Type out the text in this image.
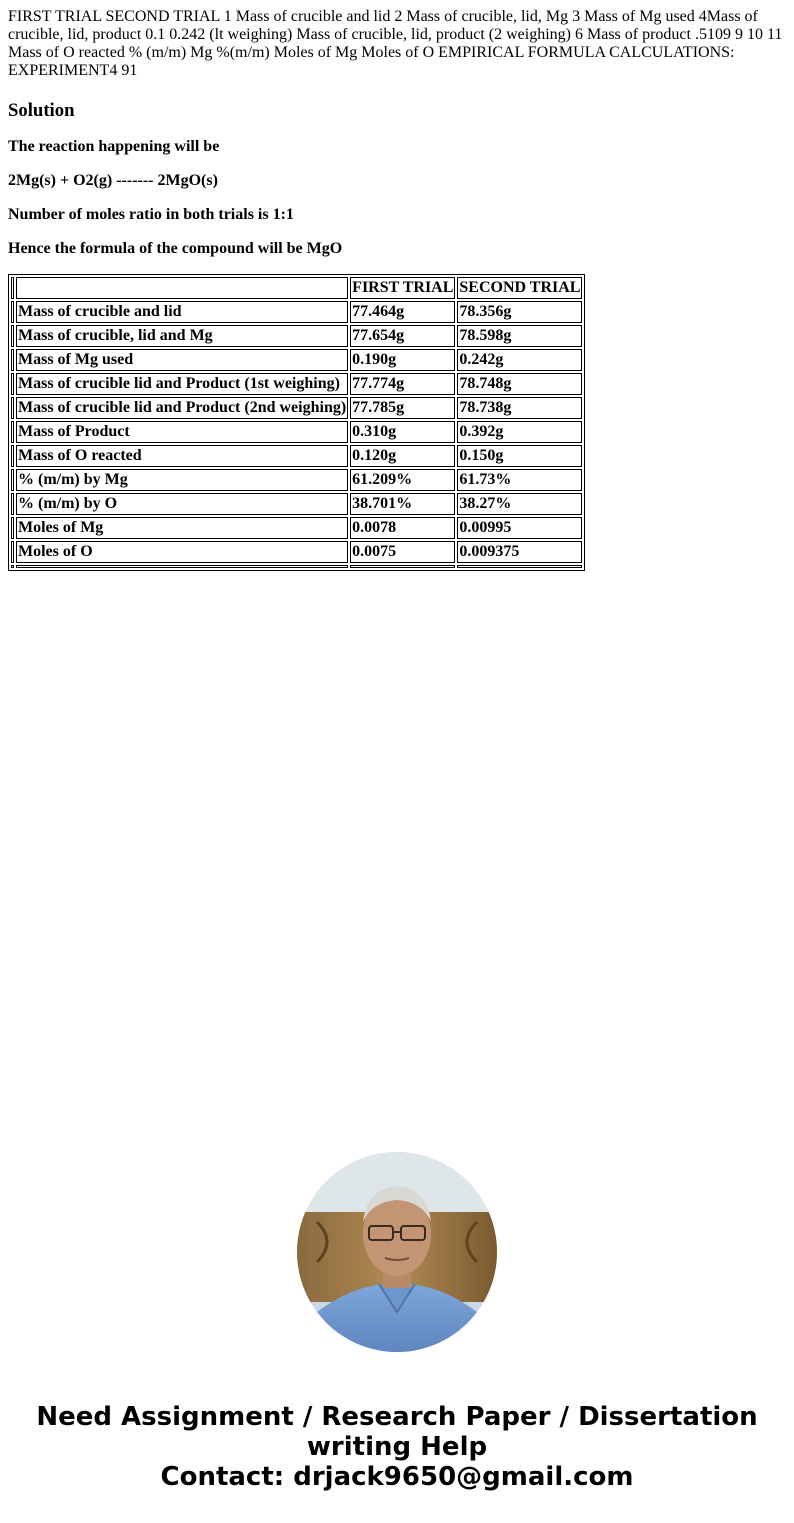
FIRST TRIAL SECOND TRIAL 1 Mass of crucible and lid 2 Mass of crucible, lid, Mg 3 Mass of Mg used 4Mass of crucible, lid, product 0.1 0.242 (lt weighing) Mass of crucible, lid, product (2 weighing) 6 Mass of product .5109 9 10 11 Mass of O reacted % (m/m) Mg %(m/m) Moles of Mg Moles of O EMPIRICAL FORMULA CALCULATIONS: EXPERIMENT4 91

Solution

The reaction happening will be

2Mg(s) + O2(g) ------- 2MgO(s)

Number of moles ratio in both trials is 1:1

Hence the formula of the compound will be MgO

		FIRST TRIAL	SECOND TRIAL
	Mass of crucible and lid	77.464g	78.356g
	Mass of crucible, lid and Mg	77.654g	78.598g
	Mass of Mg used	0.190g	0.242g
	Mass of crucible lid and Product (1st weighing)	77.774g	78.748g
	Mass of crucible lid and Product (2nd weighing)	77.785g	78.738g
	Mass of Product	0.310g	0.392g
	Mass of O reacted	0.120g	0.150g
	% (m/m) by Mg	61.209%	61.73%
	% (m/m) by O	38.701%	38.27%
	Moles of Mg	0.0078	0.00995
	Moles of O	0.0075	0.009375

Need Assignment / Research Paper / Dissertation
writing Help
Contact: drjack9650@gmail.com
